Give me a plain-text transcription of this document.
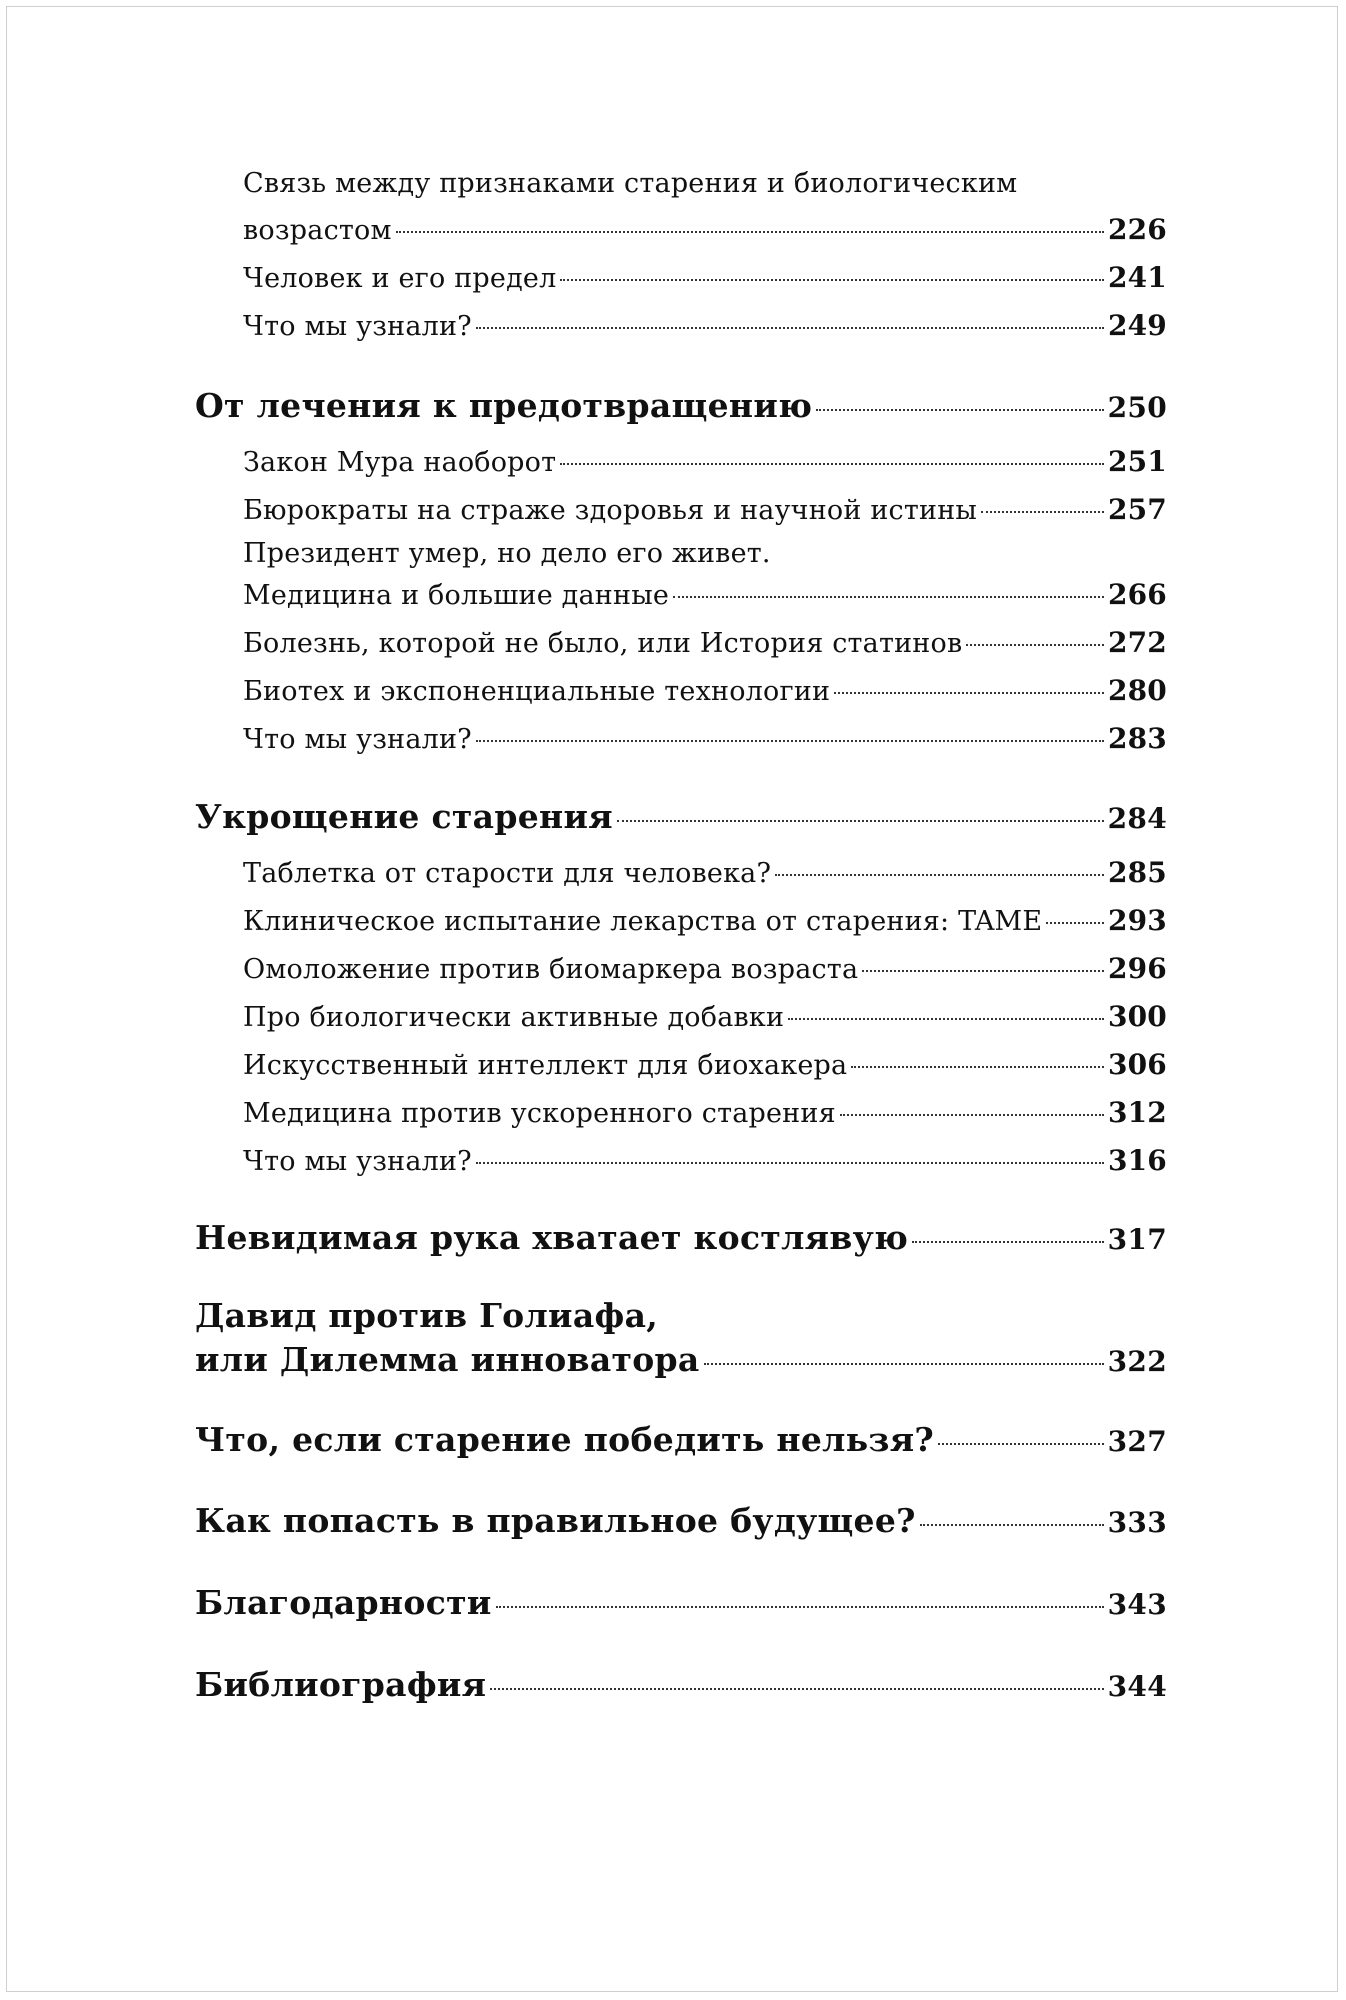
Связь между признаками старения и биологическим
возрастом	226
Человек и его предел	241
Что мы узнали?	249
От лечения к предотвращению	250
Закон Мура наоборот	251
Бюрократы на страже здоровья и научной истины	257
Президент умер, но дело его живет.
Медицина и большие данные	266
Болезнь, которой не было, или История статинов	272
Биотех и экспоненциальные технологии	280
Что мы узнали?	283
Укрощение старения	284
Таблетка от старости для человека?	285
Клиническое испытание лекарства от старения: TAME 293
Омоложение против биомаркера возраста	296
Про биологически активные добавки	300
Искусственный интеллект для биохакера	306
Медицина против ускоренного старения	312
Что мы узнали?	316
Невидимая рука хватает костлявую	317
Давид против Голиафа,
или Дилемма инноватора	322
Что, если старение победить нельзя?	327
Как попасть в правильное будущее?	333
Благодарности	343
Библиография	344
